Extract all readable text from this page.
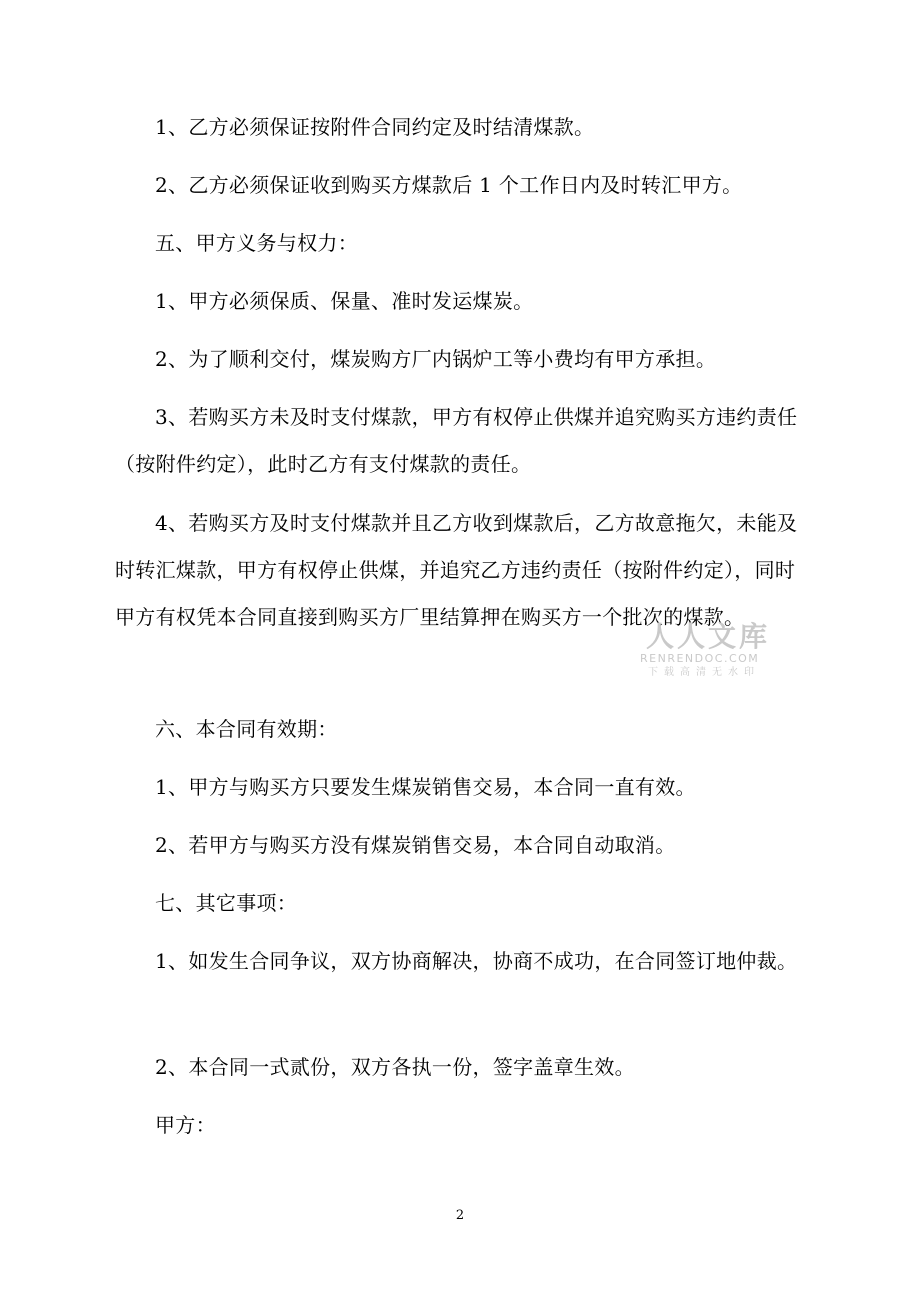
1、乙方必须保证按附件合同约定及时结清煤款。

2、乙方必须保证收到购买方煤款后 1 个工作日内及时转汇甲方。

五、甲方义务与权力：

1、甲方必须保质、保量、准时发运煤炭。

2、为了顺利交付，煤炭购方厂内锅炉工等小费均有甲方承担。

3、若购买方未及时支付煤款，甲方有权停止供煤并追究购买方违约责任（按附件约定），此时乙方有支付煤款的责任。

4、若购买方及时支付煤款并且乙方收到煤款后，乙方故意拖欠，未能及时转汇煤款，甲方有权停止供煤，并追究乙方违约责任（按附件约定），同时甲方有权凭本合同直接到购买方厂里结算押在购买方一个批次的煤款。

六、本合同有效期：

1、甲方与购买方只要发生煤炭销售交易，本合同一直有效。

2、若甲方与购买方没有煤炭销售交易，本合同自动取消。

七、其它事项：

1、如发生合同争议，双方协商解决，协商不成功，在合同签订地仲裁。

2、本合同一式贰份，双方各执一份，签字盖章生效。

甲方：

人人文库
RENRENDOC.COM
下载高清无水印
2
